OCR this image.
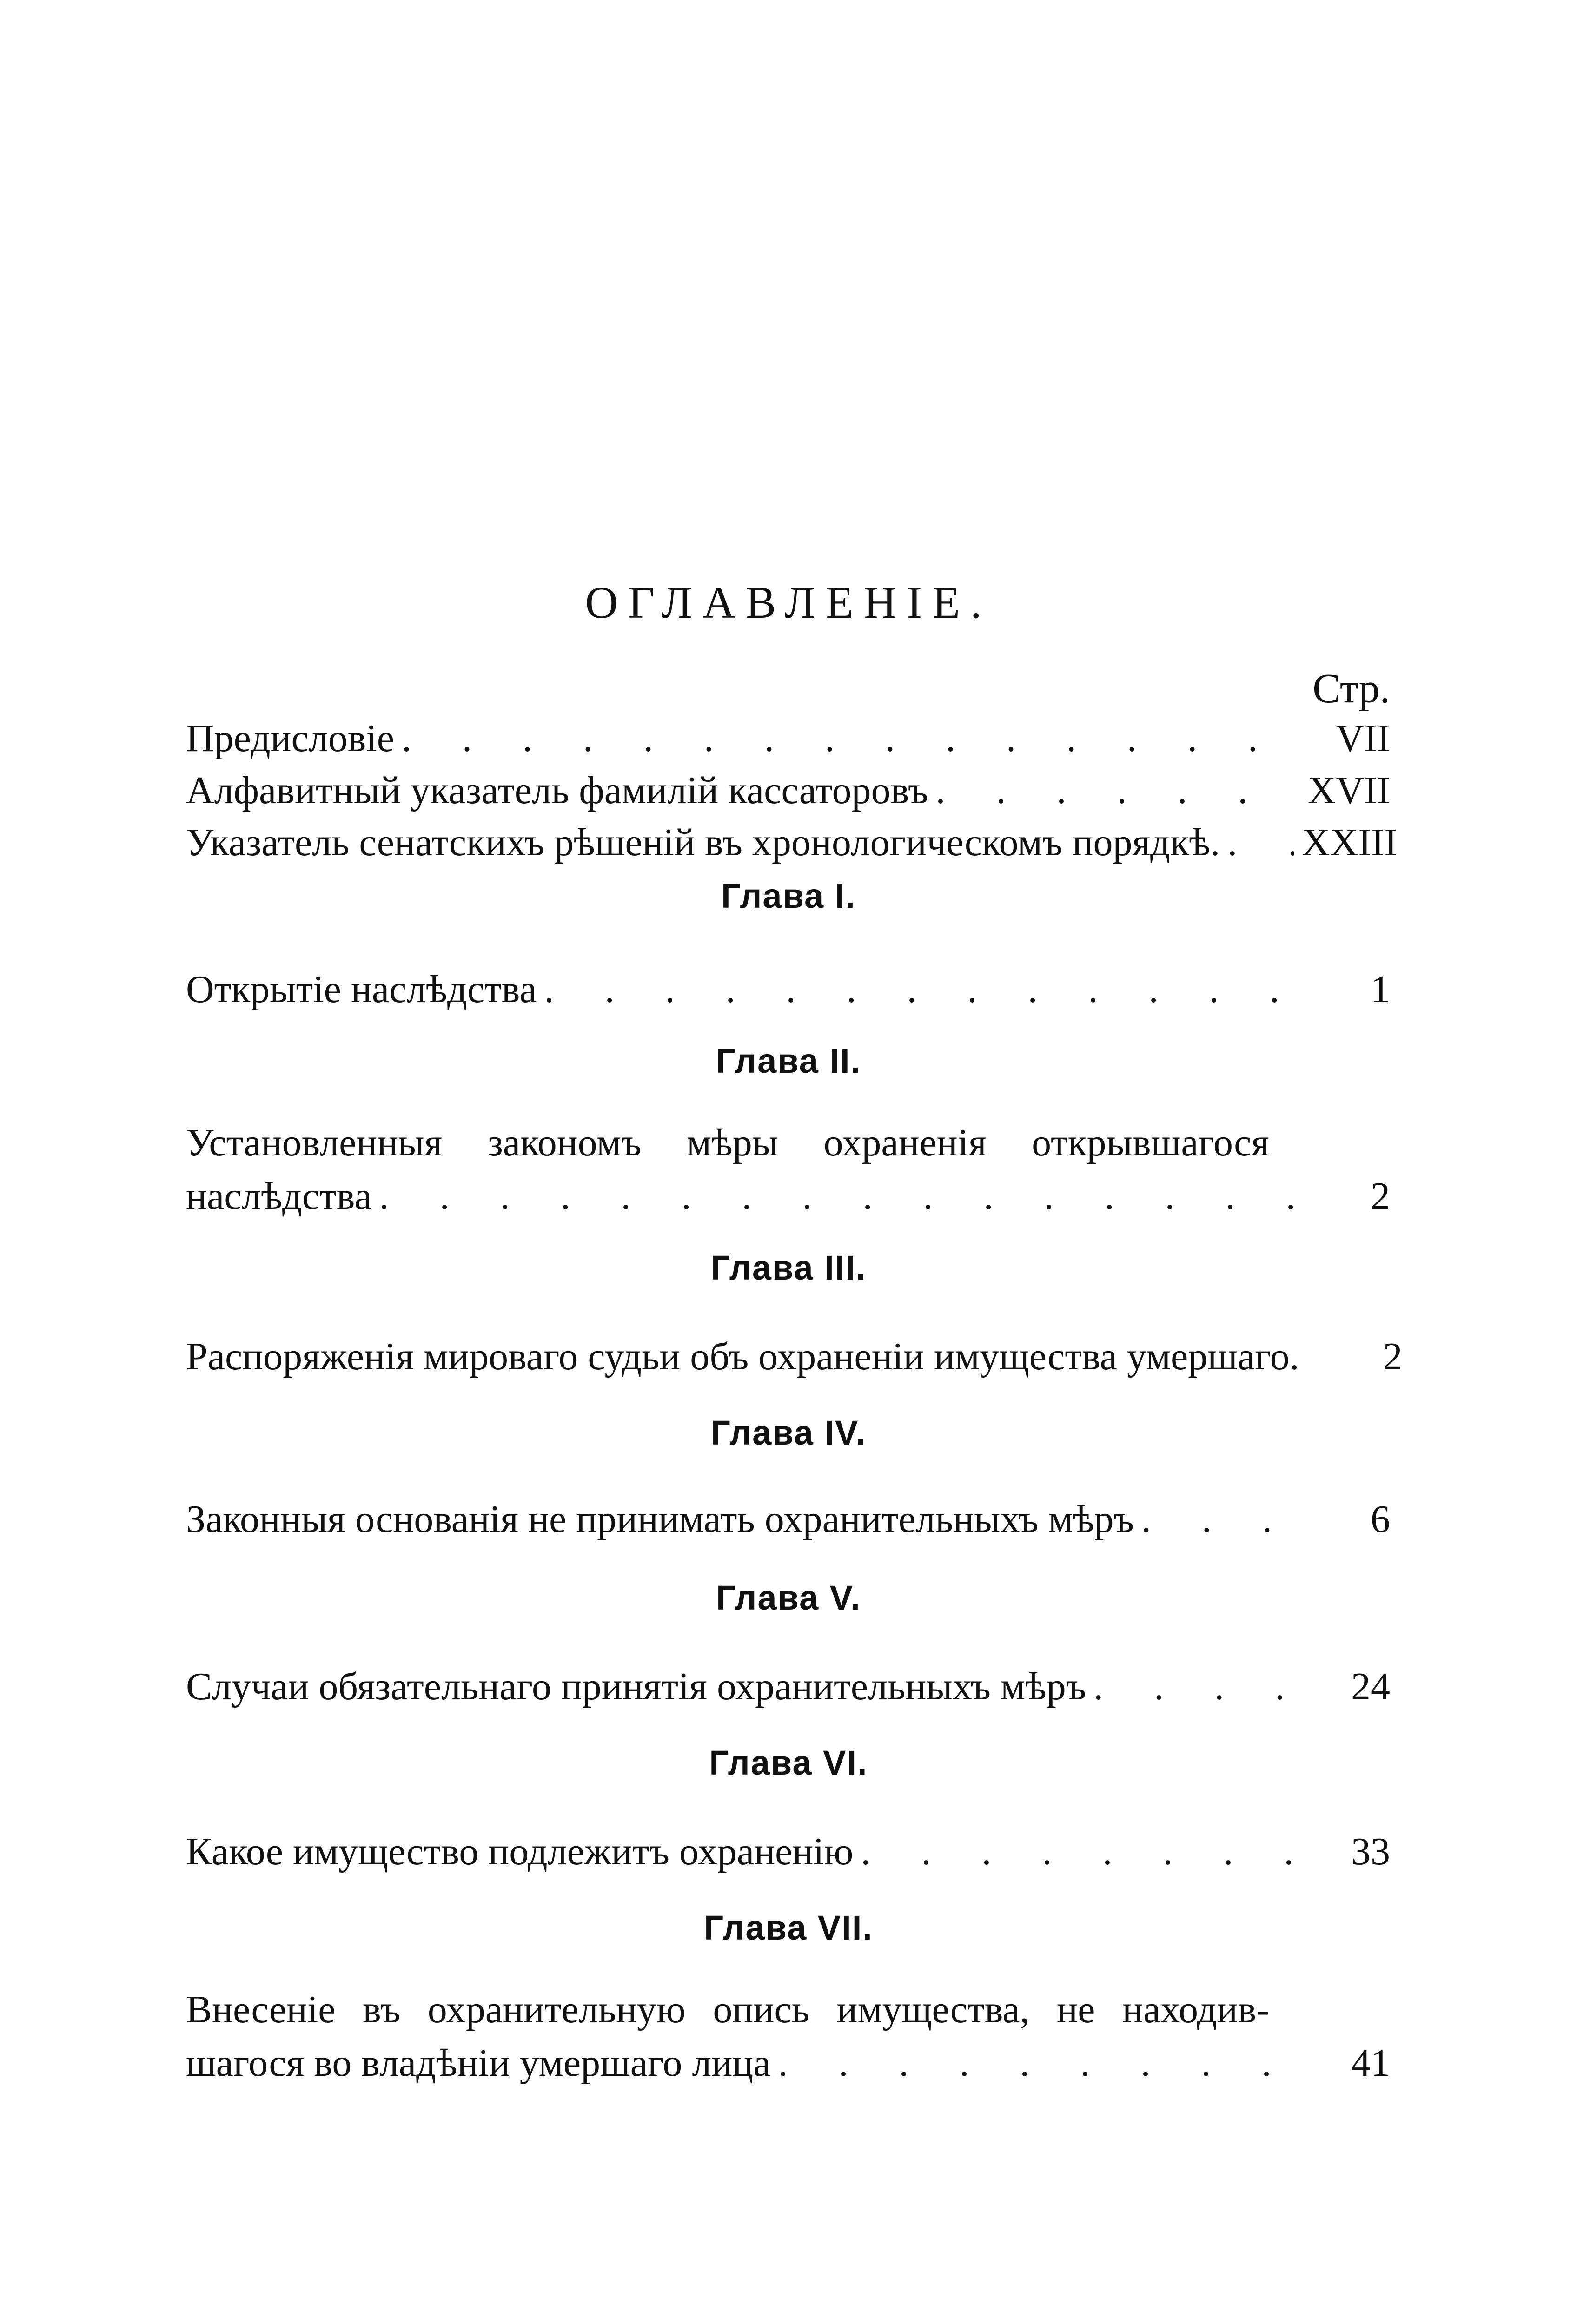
ОГЛАВЛЕНІЕ.
Стр.
Предисловіе . . .	VII
Алфавитный указатель фамилій кассаторовъ . . .	XVII
Указатель сенатскихъ рѣшеній въ хронологическомъ порядкѣ. . . . XXIII
Глава I.
Открытіе наслѣдства . . .	1
Глава II.
Установленныя закономъ мѣры охраненія открывшагося
наслѣдства . . .	2
Глава III.
Распоряженія мироваго судьи объ охраненіи имущества умершаго.	2
Глава IV.
Законныя основанія не принимать охранительныхъ мѣръ . . .	6
Глава V.
Случаи обязательнаго принятія охранительныхъ мѣръ . . .	24
Глава VI.
Какое имущество подлежитъ охраненію . . .	33
Глава VII.
Внесеніе въ охранительную опись имущества, не находив-
шагося во владѣніи умершаго лица . . .	41
